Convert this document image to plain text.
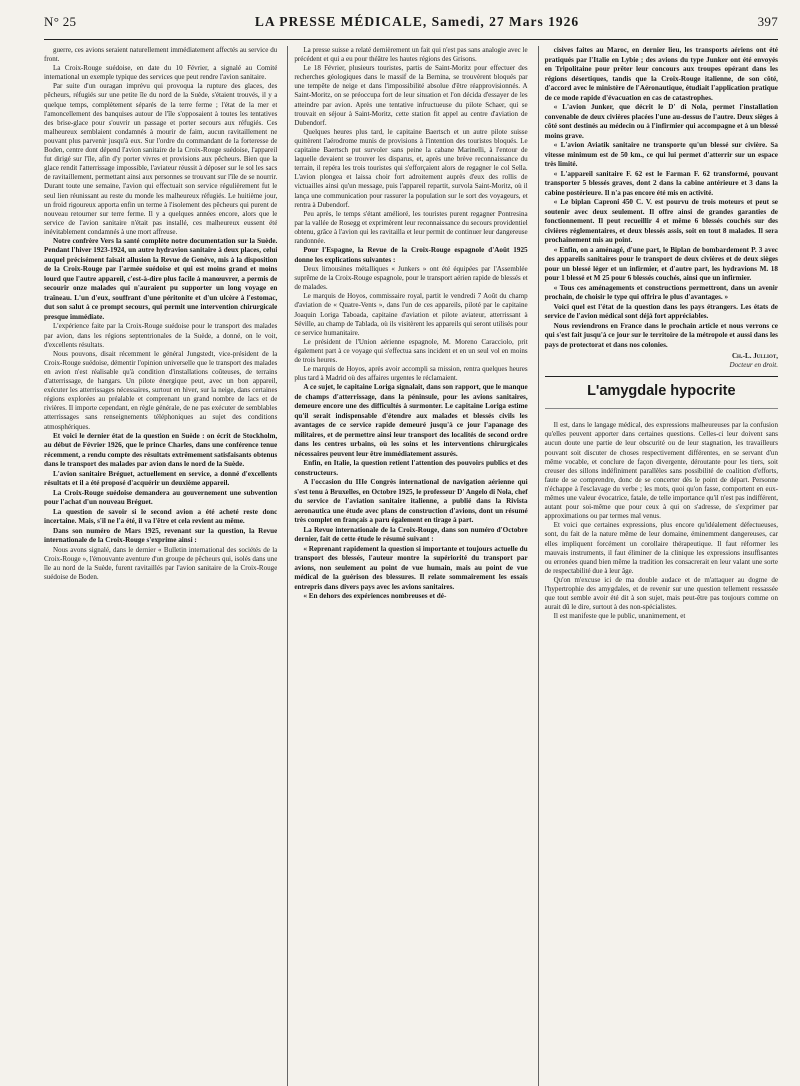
N° 25	LA PRESSE MÉDICALE, Samedi, 27 Mars 1926	397

guerre, ces avions seraient naturellement immédiatement affectés au service du front.

La Croix-Rouge suédoise, en date du 10 Février, a signalé au Comité international un exemple typique des services que peut rendre l'avion sanitaire.

Par suite d'un ouragan imprévu qui provoqua la rupture des glaces, des pêcheurs, réfugiés sur une petite île du nord de la Suède, s'étaient trouvés, il y a quelque temps, complètement séparés de la terre ferme ; l'état de la mer et l'amoncellement des banquises autour de l'île s'opposaient à toutes les tentatives des brise-glace pour s'ouvrir un passage et porter secours aux réfugiés. Ces malheureux semblaient condamnés à mourir de faim, aucun ravitaillement ne pouvant plus parvenir jusqu'à eux. Sur l'ordre du commandant de la forteresse de Boden, centre dont dépend l'avion sanitaire de la Croix-Rouge suédoise, l'appareil fut dirigé sur l'île, afin d'y porter vivres et provisions aux pêcheurs. Bien que la glace rendit l'atterrissage impossible, l'aviateur réussit à déposer sur le sol les sacs de ravitaillement, permettant ainsi aux personnes se trouvant sur l'île de se nourrir. Durant toute une semaine, l'avion qui effectuait son service régulièrement fut le seul lien réunissant au reste du monde les malheureux réfugiés. Le huitième jour, un froid rigoureux apporta enfin un terme à l'isolement des pêcheurs qui purent de nouveau retourner sur terre ferme. Il y a quelques années encore, alors que le service de l'avion sanitaire n'était pas installé, ces malheureux eussent été inévitablement condamnés à une mort affreuse.

Notre confrère Vers la santé complète notre documentation sur la Suède. Pendant l'hiver 1923-1924, un autre hydravion sanitaire à deux places, celui auquel précisément faisait allusion la Revue de Genève, mis à la disposition de la Croix-Rouge par l'armée suédoise et qui est moins grand et moins lourd que l'autre appareil, c'est-à-dire plus facile à manœuvrer, a permis de secourir onze malades qui n'auraient pu supporter un long voyage en traîneau. L'un d'eux, souffrant d'une péritonite et d'un ulcère à l'estomac, dut son salut à ce prompt secours, qui permit une intervention chirurgicale presque immédiate.

L'expérience faite par la Croix-Rouge suédoise pour le transport des malades par avion, dans les régions septentrionales de la Suède, a donné, on le voit, d'excellents résultats.

Nous pouvons, disait récemment le général Jungstedt, vice-président de la Croix-Rouge suédoise, démentir l'opinion universelle que le transport des malades en avion n'est réalisable qu'à condition d'installations coûteuses, de terrains d'atterrissage, de hangars. Un pilote énergique peut, avec un bon appareil, exécuter les atterrissages nécessaires, surtout en hiver, sur la neige, dans certaines régions explorées au préalable et comprenant un grand nombre de lacs et de rivières. Il importe cependant, en règle générale, de ne pas exécuter de semblables atterrissages sans renseignements téléphoniques au sujet des conditions atmosphériques.

Et voici le dernier état de la question en Suède : on écrit de Stockholm, au début de Février 1926, que le prince Charles, dans une conférence tenue récemment, a rendu compte des résultats extrêmement satisfaisants obtenus dans le transport des malades par avion dans le nord de la Suède.

L'avion sanitaire Bréguet, actuellement en service, a donné d'excellents résultats et il a été proposé d'acquérir un deuxième appareil.

La Croix-Rouge suédoise demandera au gouvernement une subvention pour l'achat d'un nouveau Bréguet.

La question de savoir si le second avion a été acheté reste donc incertaine. Mais, s'il ne l'a été, il va l'être et cela revient au même.

Dans son numéro de Mars 1925, revenant sur la question, la Revue internationale de la Croix-Rouge s'exprime ainsi :

Nous avons signalé, dans le dernier « Bulletin international des sociétés de la Croix-Rouge », l'émouvante aventure d'un groupe de pêcheurs qui, isolés dans une île au nord de la Suède, furent ravitaillés par l'avion sanitaire de la Croix-Rouge suédoise de Boden.

La presse suisse a relaté dernièrement un fait qui n'est pas sans analogie avec le précédent et qui a eu pour théâtre les hautes régions des Grisons.

Le 18 Février, plusieurs touristes, partis de Saint-Moritz pour effectuer des recherches géologiques dans le massif de la Bernina, se trouvèrent bloqués par une tempête de neige et dans l'impossibilité absolue d'être réapprovisionnés. A Saint-Moritz, on se préoccupa fort de leur situation et l'on décida d'essayer de les atteindre par avion. Après une tentative infructueuse du pilote Schaer, qui se trouvait en séjour à Saint-Moritz, cette station fit appel au centre d'aviation de Dubendorf.

Quelques heures plus tard, le capitaine Baertsch et un autre pilote suisse quittèrent l'aérodrome munis de provisions à l'intention des touristes bloqués. Le capitaine Baertsch put survoler sans peine la cabane Marinelli, à l'entour de laquelle devaient se trouver les disparus, et, après une brève reconnaissance du terrain, il repéra les trois touristes qui s'efforçaient alors de regagner le col Sella. L'avion plongea et laissa choir fort adroitement auprès d'eux des rollis de victuailles ainsi qu'un message, puis l'appareil repartit, survola Saint-Moritz, où il lança une communication pour rassurer la population sur le sort des voyageurs, et rentra à Dubendorf.

Peu après, le temps s'étant amélioré, les touristes purent regagner Pontresina par la vallée de Rosegg et exprimèrent leur reconnaissance du secours providentiel obtenu, grâce à l'avion qui les ravitailla et leur permit de continuer leur dangereuse randonnée.

Pour l'Espagne, la Revue de la Croix-Rouge espagnole d'Août 1925 donne les explications suivantes :

Deux limousines métalliques « Junkers » ont été équipées par l'Assemblée suprême de la Croix-Rouge espagnole, pour le transport aérien rapide de blessés et de malades.

Le marquis de Hoyos, commissaire royal, partit le vendredi 7 Août du champ d'aviation de « Quatre-Vents », dans l'un de ces appareils, piloté par le capitaine Joaquin Loriga Taboada, capitaine d'aviation et pilote aviateur, atterrissant à Séville, au champ de Tablada, où ils visitèrent les appareils qui seront utilisés pour ce service humanitaire.

Le président de l'Union aérienne espagnole, M. Moreno Caracciolo, prit également part à ce voyage qui s'effectua sans incident et en un seul vol en moins de trois heures.

Le marquis de Hoyos, après avoir accompli sa mission, rentra quelques heures plus tard à Madrid où des affaires urgentes le réclamaient.

A ce sujet, le capitaine Loriga signalait, dans son rapport, que le manque de champs d'atterrissage, dans la péninsule, pour les avions sanitaires, demeure encore une des difficultés à surmonter. Le capitaine Loriga estime qu'il serait indispensable d'étendre aux malades et blessés civils les avantages de ce service rapide demeuré jusqu'à ce jour l'apanage des militaires, et de permettre ainsi leur transport des localités de second ordre dans les centres urbains, où les soins et les interventions chirurgicales nécessaires peuvent leur être immédiatement assurés.

Enfin, en Italie, la question retient l'attention des pouvoirs publics et des constructeurs.

A l'occasion du IIIe Congrès international de navigation aérienne qui s'est tenu à Bruxelles, en Octobre 1925, le professeur D' Angelo di Nola, chef du service de l'aviation sanitaire italienne, a publié dans la Rivista aeronautica une étude avec plans de construction d'avions, dont un résumé très complet en français a paru également en tirage à part.

La Revue internationale de la Croix-Rouge, dans son numéro d'Octobre dernier, fait de cette étude le résumé suivant :

« Reprenant rapidement la question si importante et toujours actuelle du transport des blessés, l'auteur montre la supériorité du transport par avions, non seulement au point de vue humain, mais au point de vue médical de la guérison des blessures. Il relate sommairement les essais entrepris dans divers pays avec les avions sanitaires.

« En dehors des expériences nombreuses et dé-

cisives faites au Maroc, en dernier lieu, les transports aériens ont été pratiqués par l'Italie en Lybie ; des avions du type Junker ont été envoyés en Tripolitaine pour prêter leur concours aux troupes opérant dans les régions désertiques, tandis que la Croix-Rouge italienne, de son côté, d'accord avec le ministère de l'Aéronautique, étudiait l'application pratique de ce mode rapide d'évacuation en cas de catastrophes.

« L'avion Junker, que décrit le D' di Nola, permet l'installation convenable de deux civières placées l'une au-dessus de l'autre. Deux sièges à côté sont destinés au médecin ou à l'infirmier qui accompagne et à un blessé moins grave.

« L'avion Aviatik sanitaire ne transporte qu'un blessé sur civière. Sa vitesse minimum est de 50 km., ce qui lui permet d'atterrir sur un espace très limité.

« L'appareil sanitaire F. 62 est le Farman F. 62 transformé, pouvant transporter 5 blessés graves, dont 2 dans la cabine antérieure et 3 dans la cabine postérieure. Il n'a pas encore été mis en activité.

« Le biplan Caproni 450 C. V. est pourvu de trois moteurs et peut se soutenir avec deux seulement. Il offre ainsi de grandes garanties de fonctionnement. Il peut recueillir 4 et même 6 blessés couchés sur des civières réglementaires, et deux blessés assis, soit en tout 8 malades. Il sera prochainement mis au point.

« Enfin, on a aménagé, d'une part, le Biplan de bombardement P. 3 avec des appareils sanitaires pour le transport de deux civières et de deux sièges pour un blessé léger et un infirmier, et d'autre part, les hydravions M. 18 pour 1 blessé et M 25 pour 6 blessés couchés, ainsi que un infirmier.

« Tous ces aménagements et constructions permettront, dans un avenir prochain, de choisir le type qui offrira le plus d'avantages. »

Voici quel est l'état de la question dans les pays étrangers. Les états de service de l'avion médical sont déjà fort appréciables.

Nous reviendrons en France dans le prochain article et nous verrons ce qui s'est fait jusqu'à ce jour sur le territoire de la métropole et aussi dans les pays de protectorat et dans nos colonies.

Ch.-L. Julliot,
Docteur en droit.
L'amygdale hypocrite

Il est, dans le langage médical, des expressions malheureuses par la confusion qu'elles peuvent apporter dans certaines questions. Celles-ci leur doivent sans aucun doute une partie de leur obscurité ou de leur stagnation, les travailleurs pouvant soit discuter de choses respectivement différentes, en se servant d'un même vocable, et conclure de façon divergente, déroutante pour les tiers, soit creuser des sillons indéfiniment parallèles sans possibilité de coalition d'efforts, faute de se comprendre, donc de se concerter dès le point de départ. Personne n'échappe à l'esclavage du verbe ; les mots, quoi qu'on fasse, comportent en eux-mêmes une valeur évocatrice, fatale, de telle importance qu'il n'est pas indifférent, autant pour soi-même que pour ceux à qui on s'adresse, de s'exprimer par approximations ou par termes mal venus.

Et voici que certaines expressions, plus encore qu'idéalement défectueuses, sont, du fait de la nature même de leur domaine, éminemment dangereuses, car elles impliquent forcément un corollaire thérapeutique. Il faut réformer les mauvais instruments, il faut éliminer de la clinique les expressions insuffisantes ou erronées quand bien même la tradition les consacrerait en leur valant une sorte de respectabilité due à leur âge.

Qu'on m'excuse ici de ma double audace et de m'attaquer au dogme de l'hypertrophie des amygdales, et de revenir sur une question tellement ressassée que tout semble avoir été dit à son sujet, mais peut-être pas toujours comme on aurait dû le dire, surtout à des non-spécialistes.

Il est manifeste que le public, unanimement, et
